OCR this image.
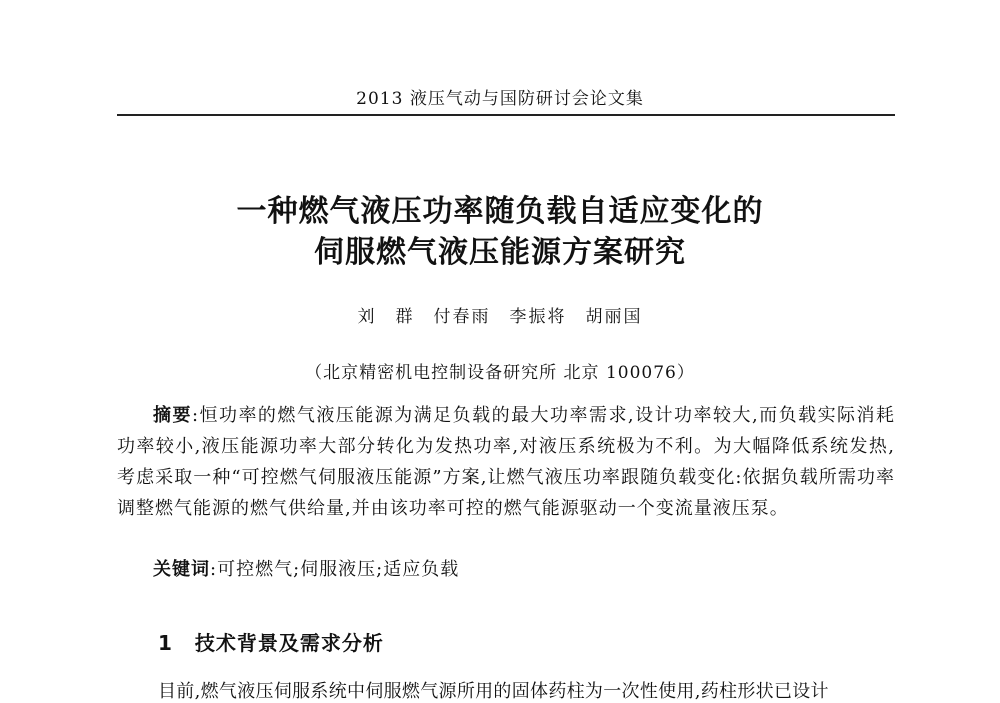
2013 液压气动与国防研讨会论文集
一种燃气液压功率随负载自适应变化的
伺服燃气液压能源方案研究
刘　群　付春雨　李振将　胡丽国
（北京精密机电控制设备研究所 北京 100076）
摘要:恒功率的燃气液压能源为满足负载的最大功率需求,设计功率较大,而负载实际消耗功率较小,液压能源功率大部分转化为发热功率,对液压系统极为不利。为大幅降低系统发热,考虑采取一种“可控燃气伺服液压能源”方案,让燃气液压功率跟随负载变化:依据负载所需功率调整燃气能源的燃气供给量,并由该功率可控的燃气能源驱动一个变流量液压泵。
关键词:可控燃气;伺服液压;适应负载
1 技术背景及需求分析
目前,燃气液压伺服系统中伺服燃气源所用的固体药柱为一次性使用,药柱形状已设计
